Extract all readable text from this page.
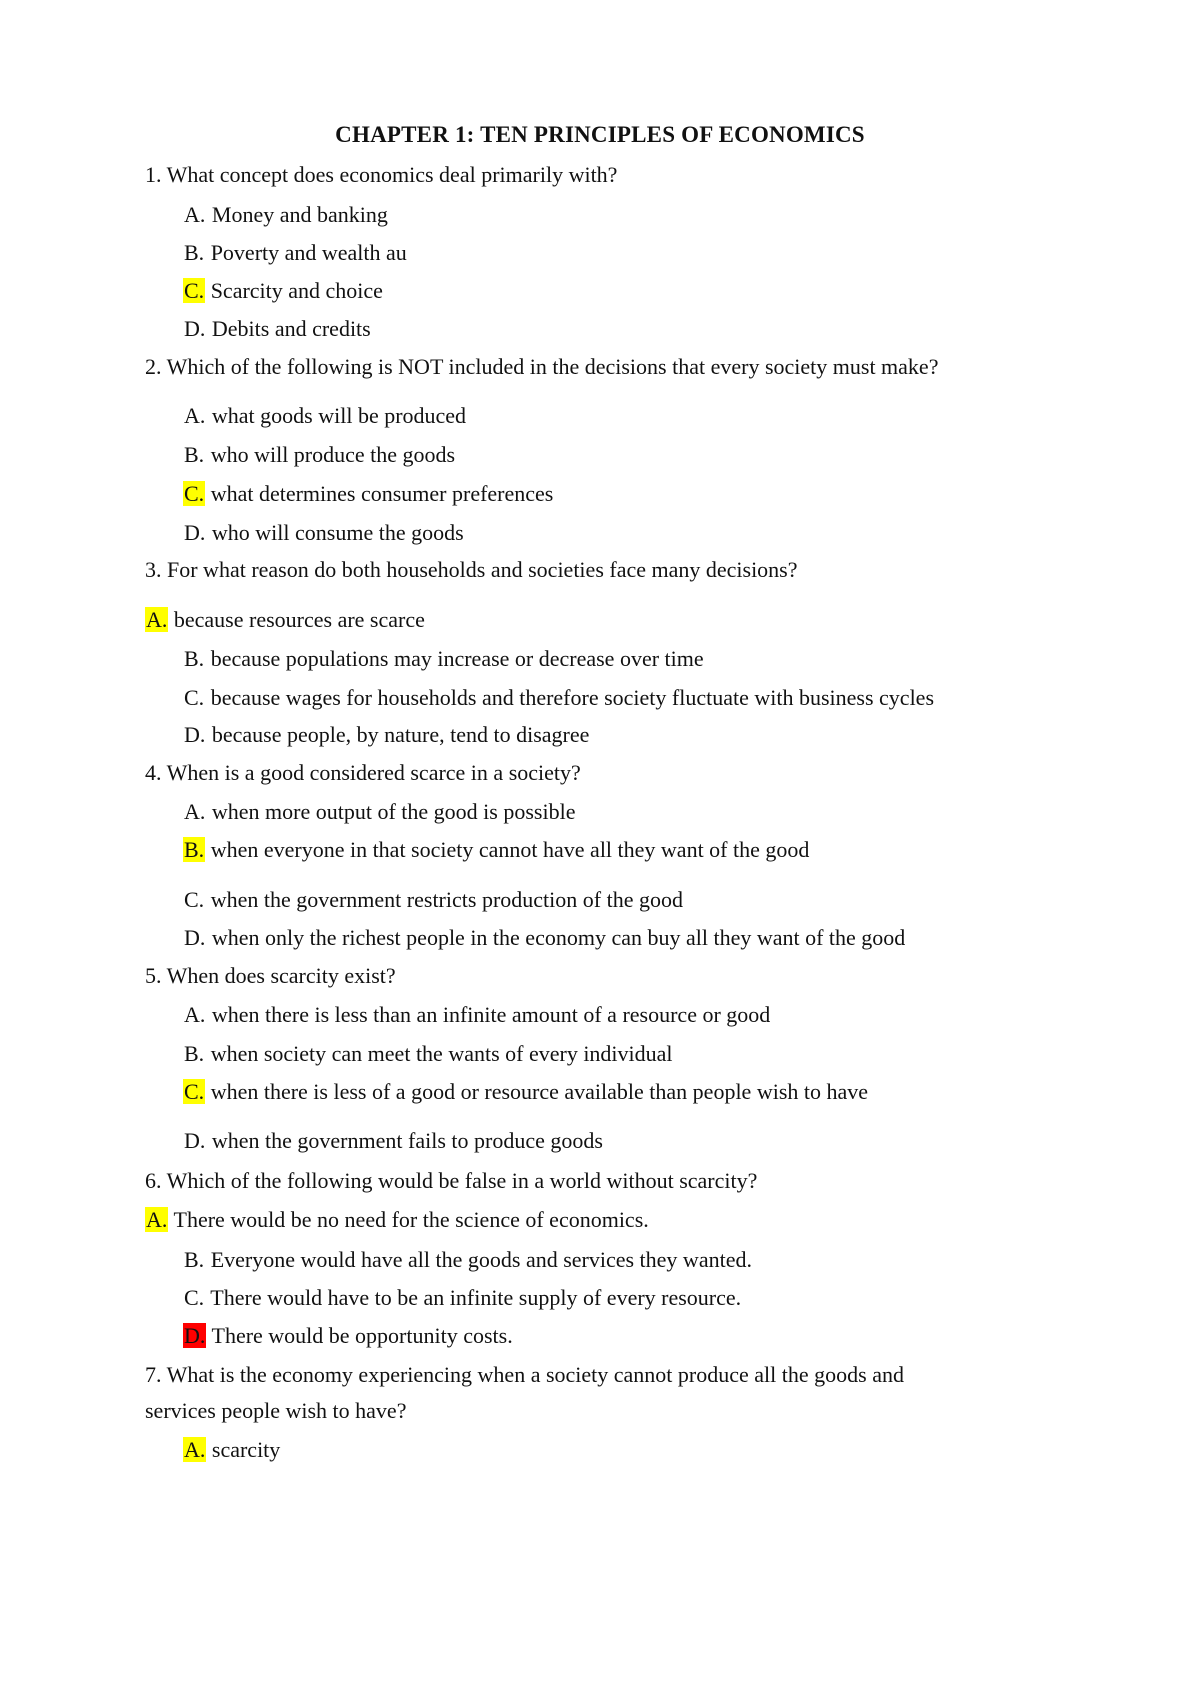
CHAPTER 1: TEN PRINCIPLES OF ECONOMICS

1. What concept does economics deal primarily with?

A. Money and banking

B. Poverty and wealth au

C. Scarcity and choice

D. Debits and credits

2. Which of the following is NOT included in the decisions that every society must make?

A. what goods will be produced

B. who will produce the goods

C. what determines consumer preferences

D. who will consume the goods

3. For what reason do both households and societies face many decisions?

A. because resources are scarce

B. because populations may increase or decrease over time

C. because wages for households and therefore society fluctuate with business cycles

D. because people, by nature, tend to disagree

4. When is a good considered scarce in a society?

A. when more output of the good is possible

B. when everyone in that society cannot have all they want of the good

C. when the government restricts production of the good

D. when only the richest people in the economy can buy all they want of the good

5. When does scarcity exist?

A. when there is less than an infinite amount of a resource or good

B. when society can meet the wants of every individual

C. when there is less of a good or resource available than people wish to have

D. when the government fails to produce goods

6. Which of the following would be false in a world without scarcity?

A. There would be no need for the science of economics.

B. Everyone would have all the goods and services they wanted.

C. There would have to be an infinite supply of every resource.

D. There would be opportunity costs.

7. What is the economy experiencing when a society cannot produce all the goods and

services people wish to have?

A. scarcity
